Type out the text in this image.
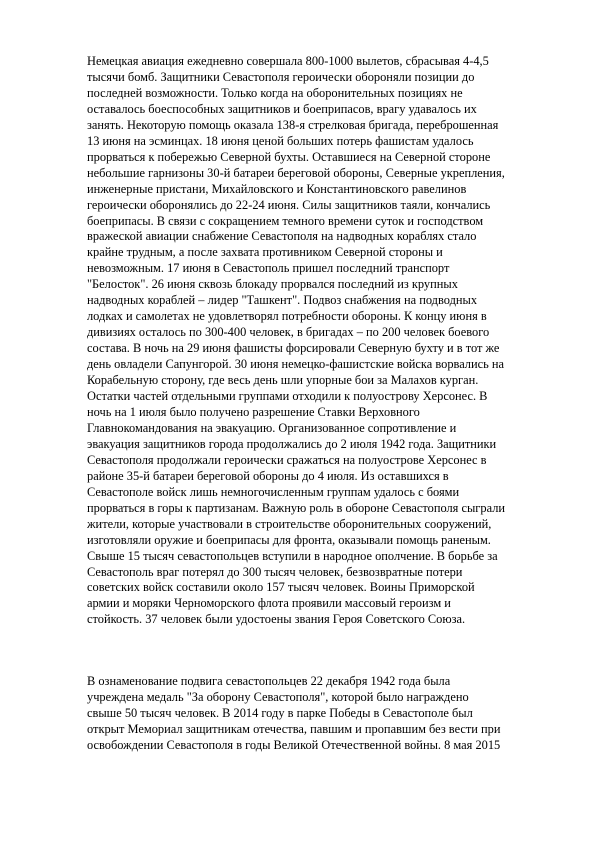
Немецкая авиация ежедневно совершала 800-1000 вылетов, сбрасывая 4-4,5
тысячи бомб. Защитники Севастополя героически обороняли позиции до
последней возможности. Только когда на оборонительных позициях не
оставалось боеспособных защитников и боеприпасов, врагу удавалось их
занять. Некоторую помощь оказала 138-я стрелковая бригада, переброшенная
13 июня на эсминцах. 18 июня ценой больших потерь фашистам удалось
прорваться к побережью Северной бухты. Оставшиеся на Северной стороне
небольшие гарнизоны 30-й батареи береговой обороны, Северные укрепления,
инженерные пристани, Михайловского и Константиновского равелинов
героически оборонялись до 22-24 июня. Силы защитников таяли, кончались
боеприпасы. В связи с сокращением темного времени суток и господством
вражеской авиации снабжение Севастополя на надводных кораблях стало
крайне трудным, а после захвата противником Северной стороны и
невозможным. 17 июня в Севастополь пришел последний транспорт
"Белосток". 26 июня сквозь блокаду прорвался последний из крупных
надводных кораблей – лидер "Ташкент". Подвоз снабжения на подводных
лодках и самолетах не удовлетворял потребности обороны. К концу июня в
дивизиях осталось по 300-400 человек, в бригадах – по 200 человек боевого
состава. В ночь на 29 июня фашисты форсировали Северную бухту и в тот же
день овладели Сапунгорой. 30 июня немецко-фашистские войска ворвались на
Корабельную сторону, где весь день шли упорные бои за Малахов курган.
Остатки частей отдельными группами отходили к полуострову Херсонес. В
ночь на 1 июля было получено разрешение Ставки Верховного
Главнокомандования на эвакуацию. Организованное сопротивление и
эвакуация защитников города продолжались до 2 июля 1942 года. Защитники
Севастополя продолжали героически сражаться на полуострове Херсонес в
районе 35-й батареи береговой обороны до 4 июля. Из оставшихся в
Севастополе войск лишь немногочисленным группам удалось с боями
прорваться в горы к партизанам. Важную роль в обороне Севастополя сыграли
жители, которые участвовали в строительстве оборонительных сооружений,
изготовляли оружие и боеприпасы для фронта, оказывали помощь раненым.
Свыше 15 тысяч севастопольцев вступили в народное ополчение. В борьбе за
Севастополь враг потерял до 300 тысяч человек, безвозвратные потери
советских войск составили около 157 тысяч человек. Воины Приморской
армии и моряки Черноморского флота проявили массовый героизм и
стойкость. 37 человек были удостоены звания Героя Советского Союза.
В ознаменование подвига севастопольцев 22 декабря 1942 года была
учреждена медаль "За оборону Севастополя", которой было награждено
свыше 50 тысяч человек. В 2014 году в парке Победы в Севастополе был
открыт Мемориал защитникам отечества, павшим и пропавшим без вести при
освобождении Севастополя в годы Великой Отечественной войны. 8 мая 2015
